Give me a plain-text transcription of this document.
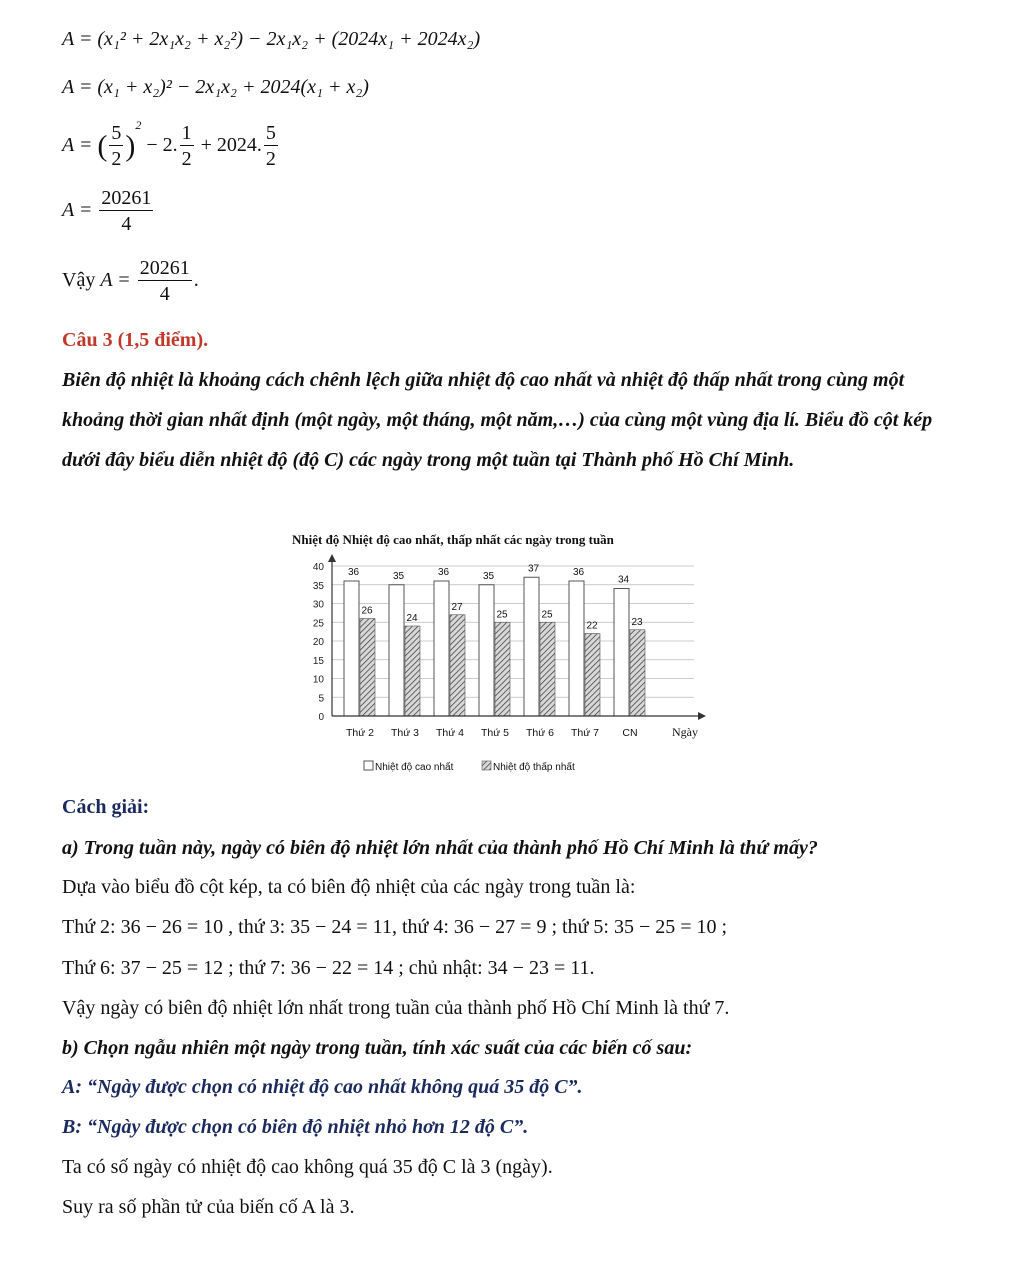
A = (x₁² + 2x₁x₂ + x₂²) − 2x₁x₂ + (2024x₁ + 2024x₂)
A = (x₁ + x₂)² − 2x₁x₂ + 2024(x₁ + x₂)
A = ( $\frac{5}{2} )^2 - 2$. $\frac{1}{2} + 2024$. $\frac{5}{2}$
$A = \frac{20261}{4}$
Vậy $A = \frac{20261}{4}$ .
Câu 3 (1,5 điểm).
Biên độ nhiệt là khoảng cách chênh lệch giữa nhiệt độ cao nhất và nhiệt độ thấp nhất trong cùng một khoảng thời gian nhất định (một ngày, một tháng, một năm,…) của cùng một vùng địa lí. Biểu đồ cột kép dưới đây biểu diễn nhiệt độ (độ C) các ngày trong một tuần tại Thành phố Hồ Chí Minh.
Nhiệt độ Nhiệt độ cao nhất, thấp nhất các ngày trong tuần
36
26
35
24
36
27
35
25
37
25
36
22
34
23
0
5
10
15
20
25
30
35
40
Thứ 2 Thứ 3 Thứ 4 Thứ 5 Thứ 6 Thứ 7 CN	Ngày
Nhiệt độ cao nhất	Nhiệt độ thấp nhất
Cách giải:
a) Trong tuần này, ngày có biên độ nhiệt lớn nhất của thành phố Hồ Chí Minh là thứ mấy?
Dựa vào biểu đồ cột kép, ta có biên độ nhiệt của các ngày trong tuần là:
Thứ 2: 36 − 26 = 10 , thứ 3: 35 − 24 = 11, thứ 4: 36 − 27 = 9 ; thứ 5: 35 − 25 = 10 ;
Thứ 6: 37 − 25 = 12 ; thứ 7: 36 − 22 = 14 ; chủ nhật: 34 − 23 = 11.
Vậy ngày có biên độ nhiệt lớn nhất trong tuần của thành phố Hồ Chí Minh là thứ 7.
b) Chọn ngẫu nhiên một ngày trong tuần, tính xác suất của các biến cố sau:
A: “Ngày được chọn có nhiệt độ cao nhất không quá 35 độ C”.
B: “Ngày được chọn có biên độ nhiệt nhỏ hơn 12 độ C”.
Ta có số ngày có nhiệt độ cao không quá 35 độ C là 3 (ngày).
Suy ra số phần tử của biến cố A là 3.
